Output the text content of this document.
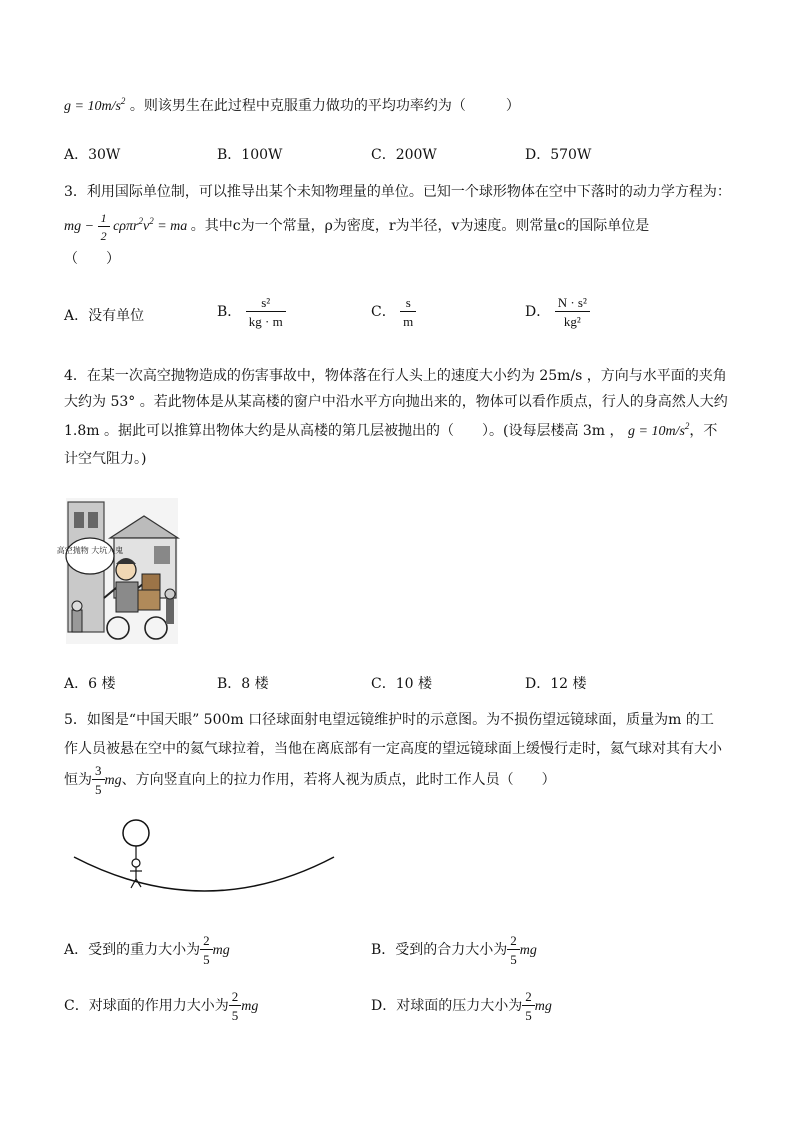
$g = 10m/s^2$ 。则该男生在此过程中克服重力做功的平均功率约为（	）
A．30W	B．100W	C．200W	D．570W
3．利用国际单位制，可以推导出某个未知物理量的单位。已知一个球形物体在空中下落时的动力学方程为：
mg − $\frac{1}{2} c\rho\pi r^2v^2$ = ma 。其中c为一个常量，ρ为密度，r为半径，v为速度。则常量c的国际单位是
（　　）
A．没有单位	B． $\frac{\text{s²}}{kg \cdot m}$	C． $\frac{s}{m}$	D． $\frac{\text{N · s²}}{\text{kg²}}$
4．在某一次高空抛物造成的伤害事故中，物体落在行人头上的速度大小约为 25m/s ，方向与水平面的夹角
大约为 53° 。若此物体是从某高楼的窗户中沿水平方向抛出来的，物体可以看作质点，行人的身高然人大约
1.8m 。据此可以推算出物体大约是从高楼的第几层被抛出的（　　）。(设每层楼高 3m ， $g = 10m/s^2$，不
计空气阻力。)
高空抛物 大坑人鬼
A．6 楼	B．8 楼	C．10 楼	D．12 楼
5．如图是“中国天眼” 500m 口径球面射电望远镜维护时的示意图。为不损伤望远镜球面，质量为m 的工
作人员被悬在空中的氦气球拉着，当他在离底部有一定高度的望远镜球面上缓慢行走时，氦气球对其有大小
恒为 $\frac{3}{5}$ mg、方向竖直向上的拉力作用，若将人视为质点，此时工作人员（　　）
A．受到的重力大小为 $\frac{2}{5}$ mg	B．受到的合力大小为 $\frac{2}{5}$ mg
C．对球面的作用力大小为 $\frac{2}{5}$ mg	D．对球面的压力大小为 $\frac{2}{5}$ mg
